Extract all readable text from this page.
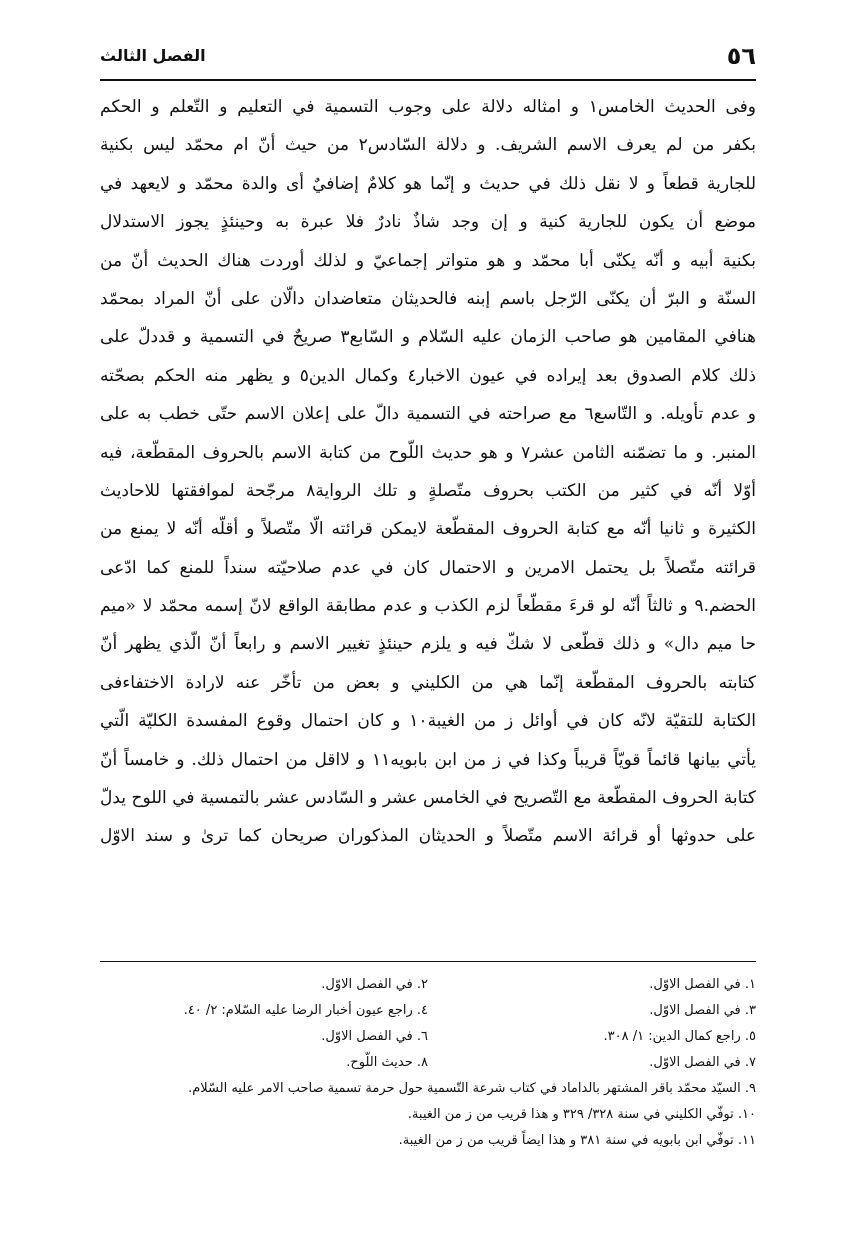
٥٦
الفصل الثالث
وفى الحديث الخامس١ و امثاله دلالة على وجوب التسمية في التعليم و التّعلم و الحكم
بكفر من لم يعرف الاسم الشريف. و دلالة السّادس٢ من حيث أنّ ام محمّد ليس بكنية
للجارية قطعاً و لا نقل ذلك في حديث و إنّما هو كلامٌ إضافيٌ أى والدة محمّد و لايعهد في
موضع أن يكون للجارية كنية و إن وجد شاذٌ نادرٌ فلا عبرة به وحينئذٍ يجوز الاستدلال
بكنية أبيه و أنّه يكنّى أبا محمّد و هو متواتر إجماعيّ و لذلك أوردت هناك الحديث أنّ من
السنّة و البرّ أن يكنّى الرّجل باسم إبنه فالحديثان متعاضدان دالّان على أنّ المراد بمحمّد
هنافي المقامين هو صاحب الزمان عليه السّلام و السّابع٣ صريحٌ في التسمية و قددلّ على
ذلك كلام الصدوق بعد إيراده في عيون الاخبار٤ وكمال الدين٥ و يظهر منه الحكم بصحّته
و عدم تأويله. و التّاسع٦ مع صراحته في التسمية دالّ على إعلان الاسم حتّى خطب به على
المنبر. و ما تضمّنه الثامن عشر٧ و هو حديث اللّوح من كتابة الاسم بالحروف المقطّعة، فيه
أوّلا أنّه في كثير من الكتب بحروف متّصلةٍ و تلك الرواية٨ مرجّحة لموافقتها للاحاديث
الكثيرة و ثانيا أنّه مع كتابة الحروف المقطّعة لايمكن قرائته الّا متّصلاً و أقلّه أنّه لا يمنع من
قرائته متّصلاً بل يحتمل الامرين و الاحتمال كان في عدم صلاحيّته سنداً للمنع كما ادّعى
الحضم.٩ و ثالثاً أنّه لو قرءَ مقطّعاً لزم الكذب و عدم مطابقة الواقع لانّ إسمه محمّد لا «ميم
حا ميم دال» و ذلك قطّعى لا شكّ فيه و يلزم حينئذٍ تغيير الاسم و رابعاً أنّ الّذي يظهر أنّ
كتابته بالحروف المقطّعة إنّما هي من الكليني و بعض من تأخّر عنه لارادة الاختفاءفى
الكتابة للتقيّة لانّه كان في أوائل ز من الغيبة١٠ و كان احتمال وقوع المفسدة الكليّة الّتي
يأتي بيانها قائماً قويّاً قريباً وكذا في ز من ابن بابويه١١ و لااقل من احتمال ذلك. و خامساً أنّ
كتابة الحروف المقطّعة مع التّصريح في الخامس عشر و السّادس عشر بالتمسية في اللوح يدلّ
على حدوثها أو قرائة الاسم متّصلاً و الحديثان المذكوران صريحان كما ترىٰ و سند الاوّل
١. في الفصل الاوّل.
٢. في الفصل الاوّل.
٣. في الفصل الاوّل.
٤. راجع عيون أخبار الرضا عليه السّلام: ٢/ ٤٠.
٥. راجع كمال الدين: ١/ ٣٠٨.
٦. في الفصل الاوّل.
٧. في الفصل الاوّل.
٨. حديث اللّوح.
٩. السيّد محمّد باقر المشتهر بالداماد في كتاب شرعة التّسمية حول حرمة تسمية صاحب الامر عليه السّلام.
١٠. توفّي الكليني في سنة ٣٢٨/ ٣٢٩ و هذا قريب من ز من الغيبة.
١١. توفّي ابن بابويه في سنة ٣٨١ و هذا ايضاً قريب من ز من الغيبة.
